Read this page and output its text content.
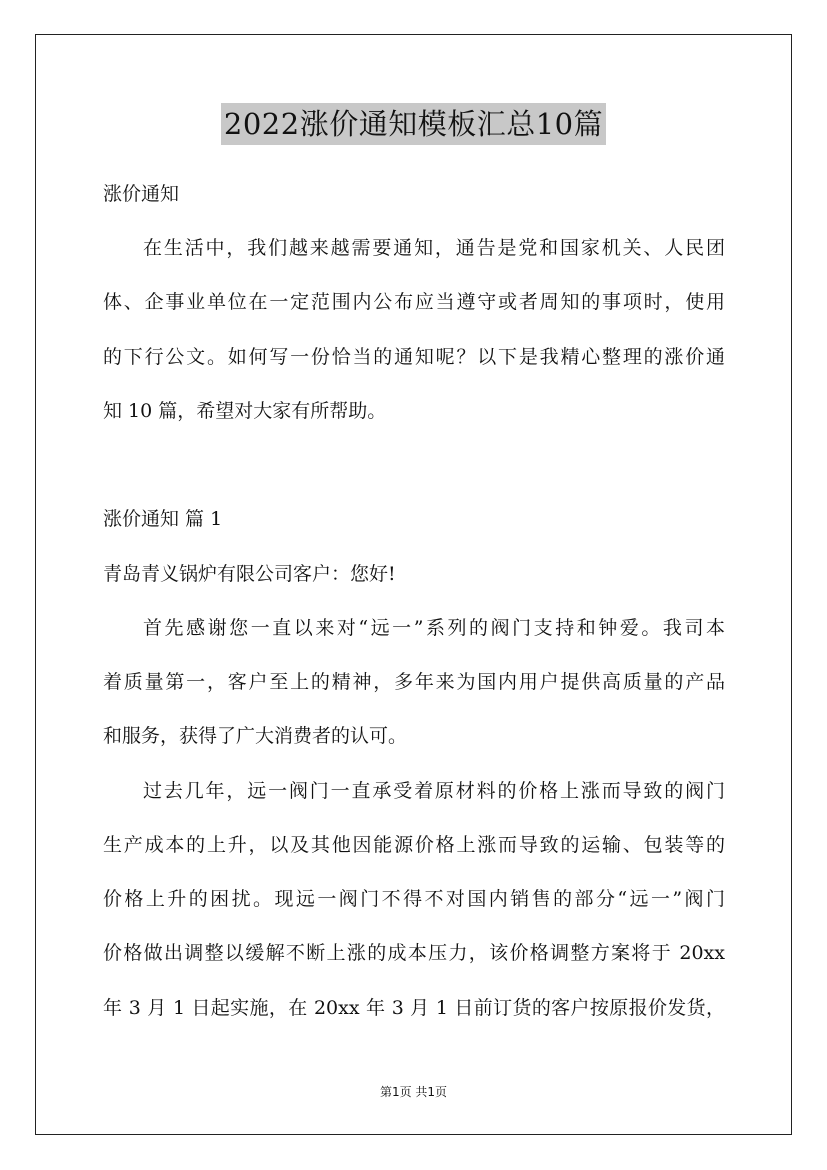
2022涨价通知模板汇总10篇
涨价通知
在生活中，我们越来越需要通知，通告是党和国家机关、人民团
体、企事业单位在一定范围内公布应当遵守或者周知的事项时，使用
的下行公文。如何写一份恰当的通知呢？以下是我精心整理的涨价通
知 10 篇，希望对大家有所帮助。
涨价通知 篇 1
青岛青义锅炉有限公司客户：您好!
首先感谢您一直以来对“远一”系列的阀门支持和钟爱。我司本
着质量第一，客户至上的精神，多年来为国内用户提供高质量的产品
和服务，获得了广大消费者的认可。
过去几年，远一阀门一直承受着原材料的价格上涨而导致的阀门
生产成本的上升，以及其他因能源价格上涨而导致的运输、包装等的
价格上升的困扰。现远一阀门不得不对国内销售的部分“远一”阀门
价格做出调整以缓解不断上涨的成本压力，该价格调整方案将于 20xx
年 3 月 1 日起实施，在 20xx 年 3 月 1 日前订货的客户按原报价发货，
第1页 共1页
